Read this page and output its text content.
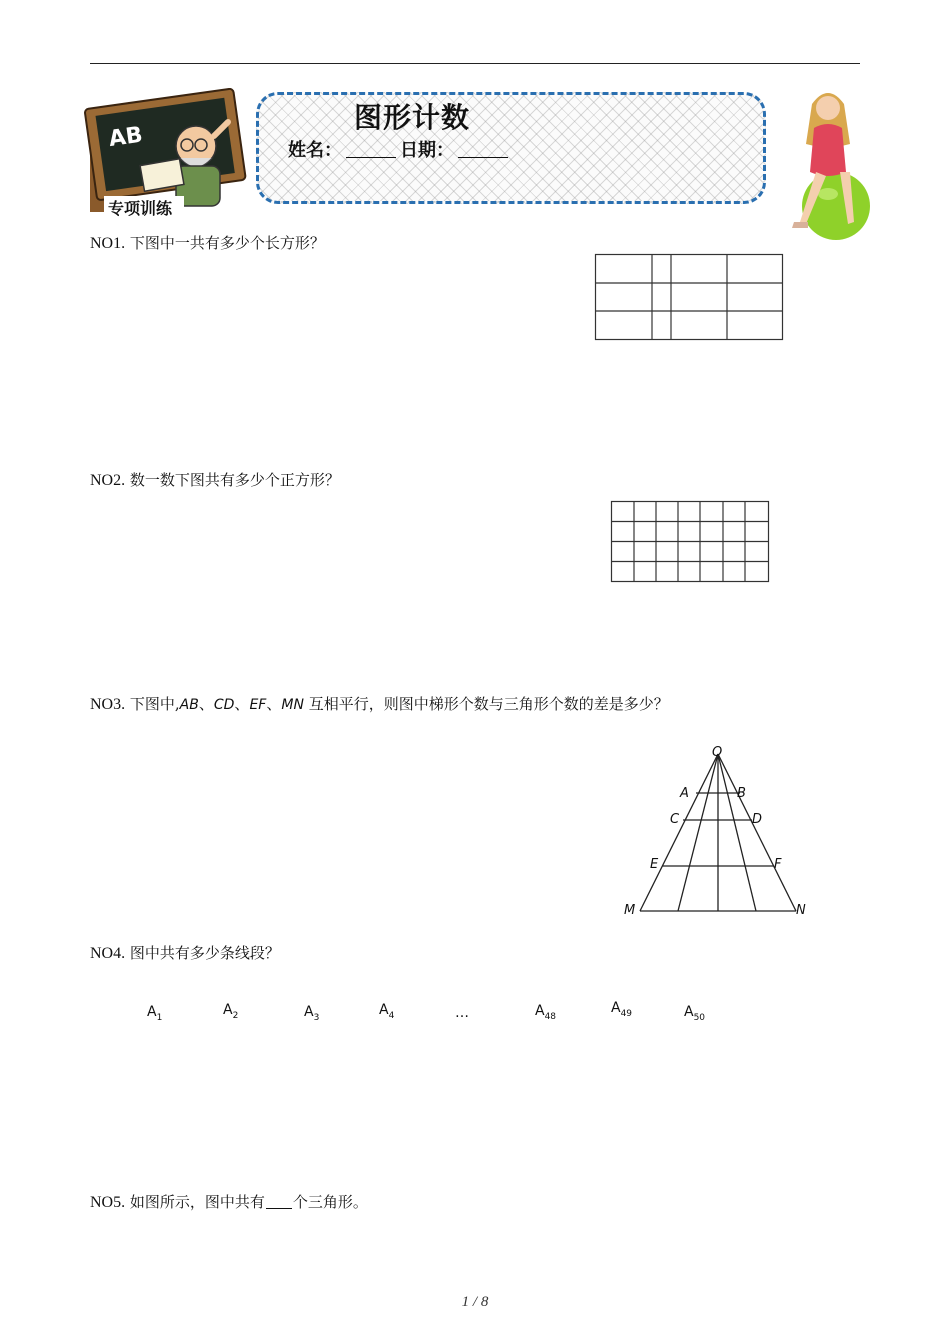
AB
专项训练
图形计数
姓名：	日期：
NO1. 下图中一共有多少个长方形？
NO2. 数一数下图共有多少个正方形？
NO3. 下图中,AB、CD、EF、MN 互相平行，则图中梯形个数与三角形个数的差是多少？
O
A	B
C	D
E	F
M	N
NO4. 图中共有多少条线段？
$A_1$	$A_2$	$A_3$	$A_4$	…	$A_{48}$
$A_{49}$	$A_{50}$
NO5. 如图所示，图中共有 个三角形。
1 / 8
